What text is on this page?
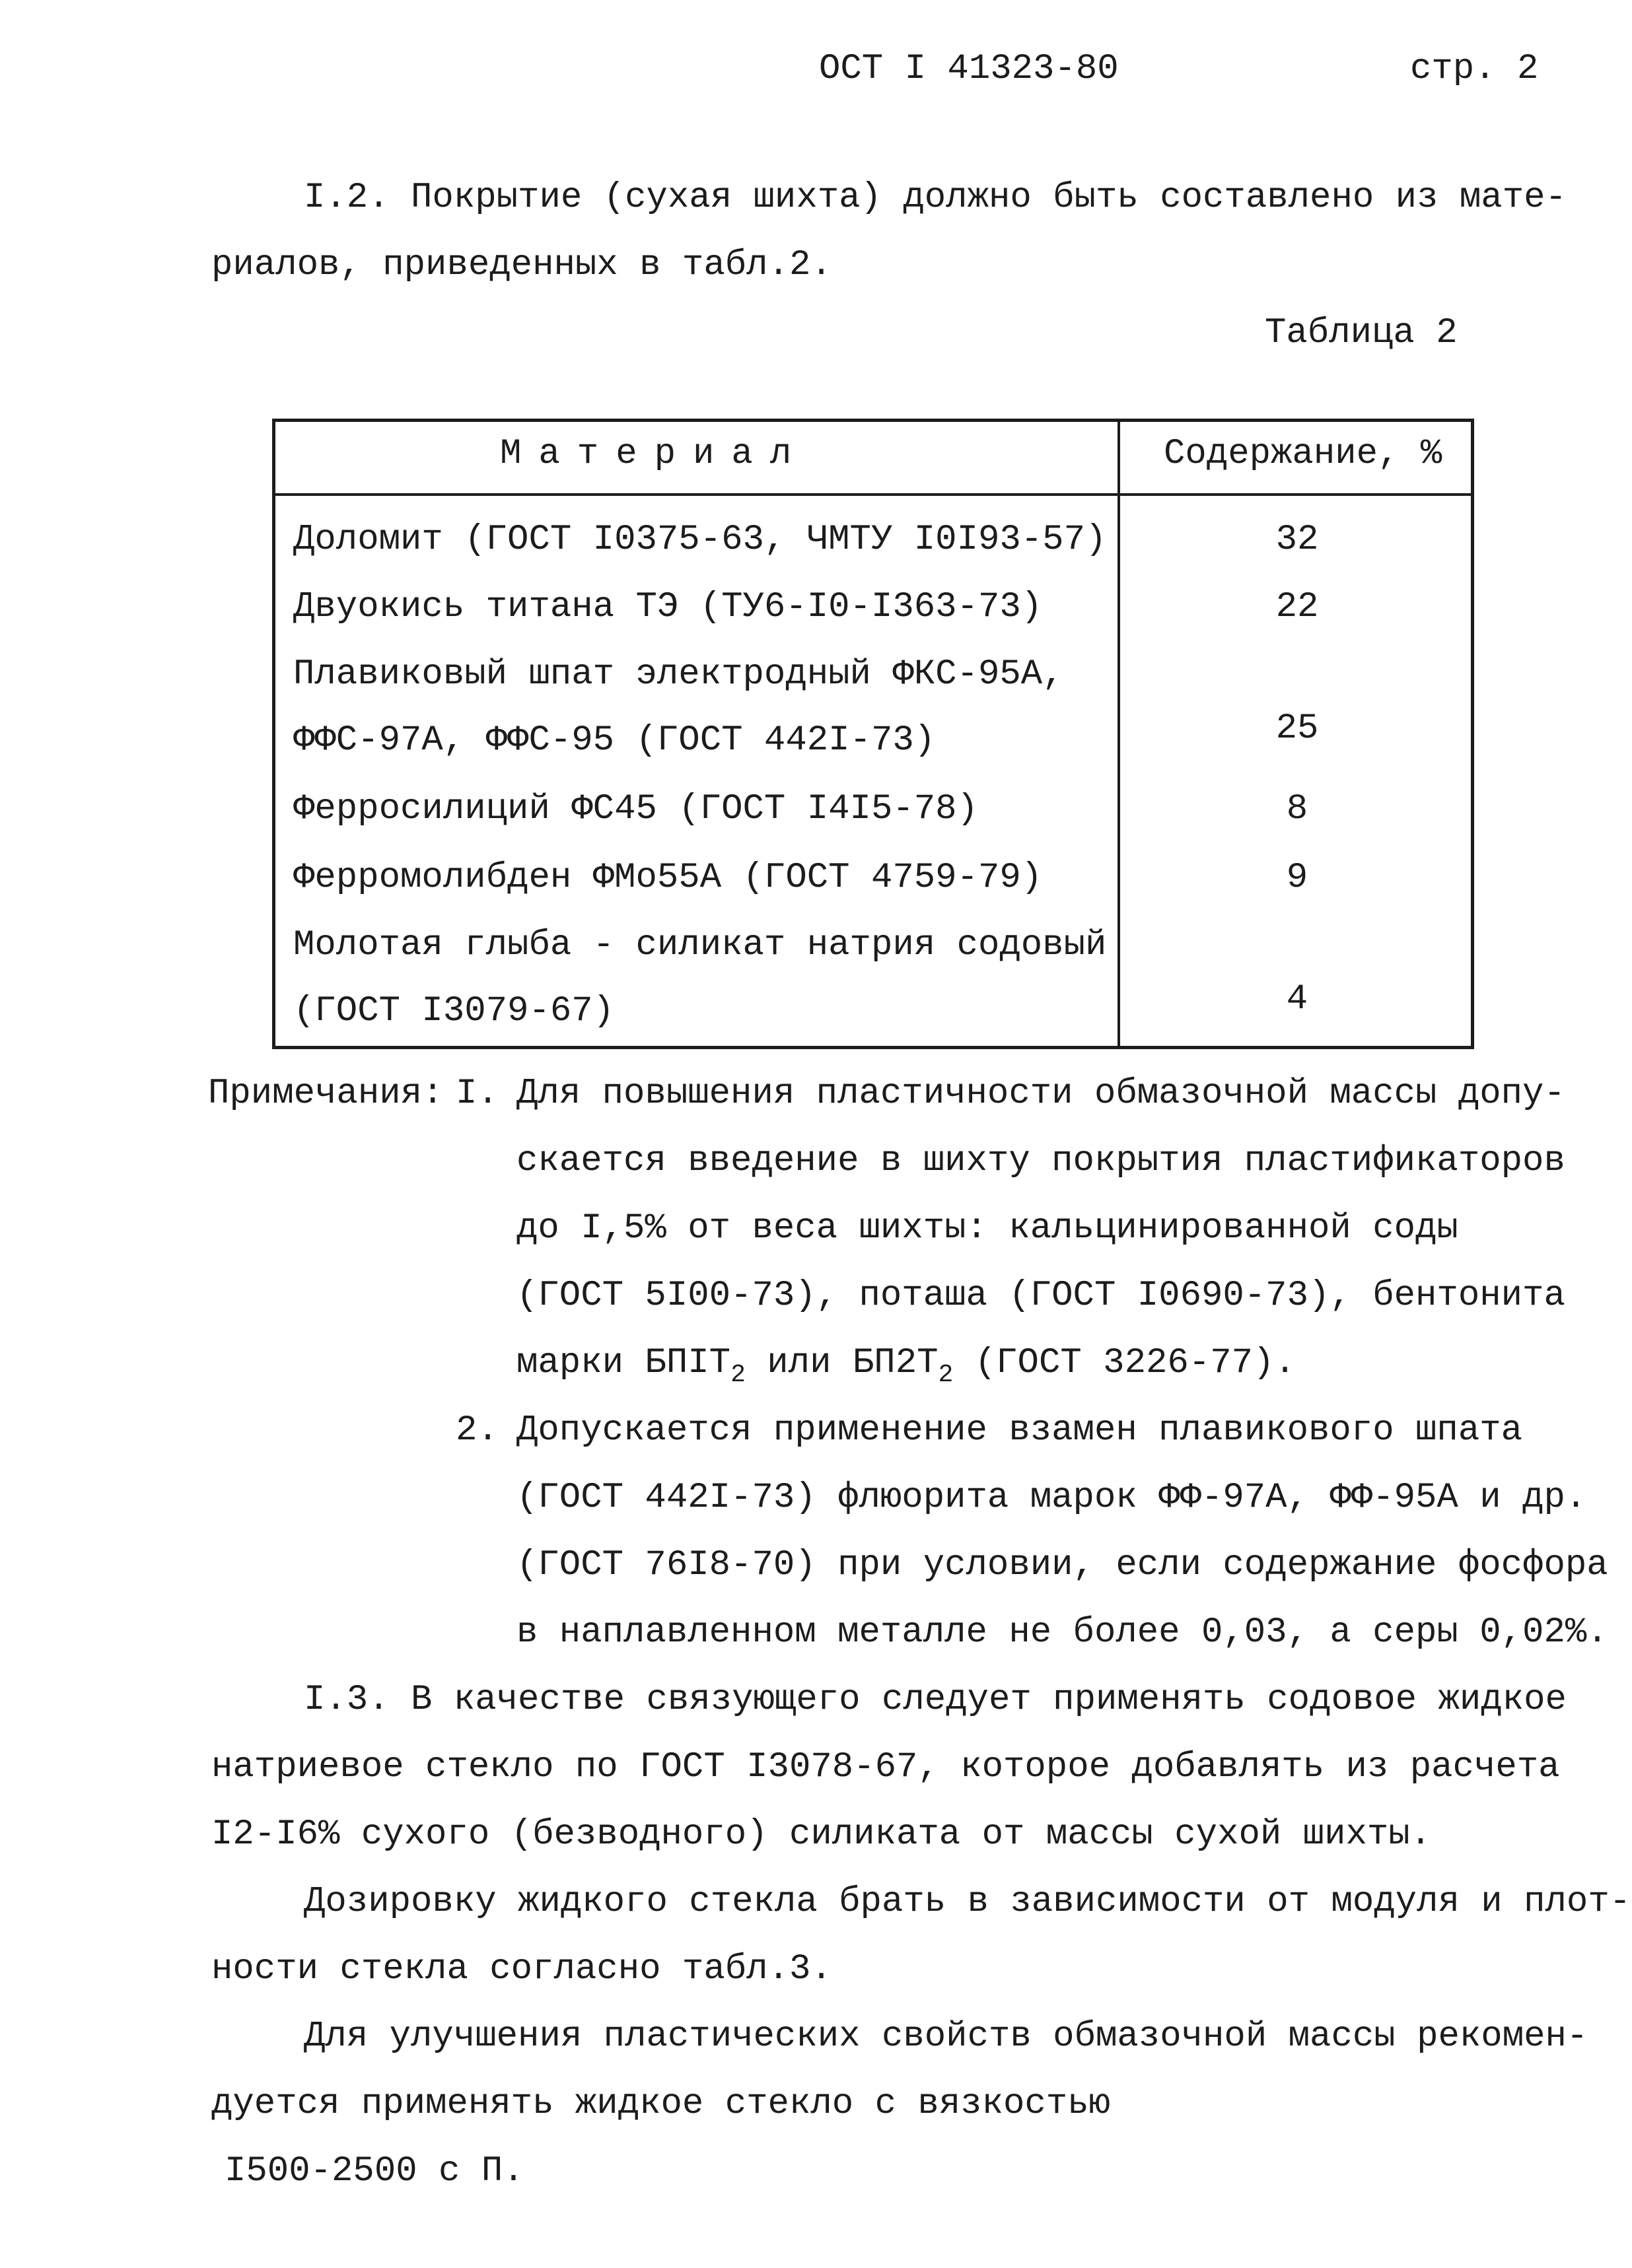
ОСТ I 41323-80	стр. 2
I.2. Покрытие (сухая шихта) должно быть составлено из мате-
риалов, приведенных в табл.2.
Таблица 2
Материал	Содержание, %
Доломит (ГОСТ I0375-63, ЧМТУ I0I93-57)	32
Двуокись титана ТЭ (ТУ6-I0-I363-73)	22
Плавиковый шпат электродный ФКС-95А,
ФФС-97А, ФФС-95 (ГОСТ 442I-73)	25
Ферросилиций ФС45 (ГОСТ I4I5-78)	8
Ферромолибден ФМо55А (ГОСТ 4759-79)	9
Молотая глыба - силикат натрия содовый
(ГОСТ I3079-67)	4
Примечания: I. Для повышения пластичности обмазочной массы допу-
скается введение в шихту покрытия пластификаторов
до I,5% от веса шихты: кальцинированной соды
(ГОСТ 5I00-73), поташа (ГОСТ I0690-73), бентонита
марки $БПIТ_2$ или $БП2Т_2$ (ГОСТ 3226-77).
2. Допускается применение взамен плавикового шпата
(ГОСТ 442I-73) флюорита марок ФФ-97А, ФФ-95А и др.
(ГОСТ 76I8-70) при условии, если содержание фосфора
в наплавленном металле не более 0,03, а серы 0,02%.
I.3. В качестве связующего следует применять содовое жидкое
натриевое стекло по ГОСТ I3078-67, которое добавлять из расчета
I2-I6% сухого (безводного) силиката от массы сухой шихты.
Дозировку жидкого стекла брать в зависимости от модуля и плот-
ности стекла согласно табл.3.
Для улучшения пластических свойств обмазочной массы рекомен-
дуется применять жидкое стекло с вязкостью
I500-2500 с П.
